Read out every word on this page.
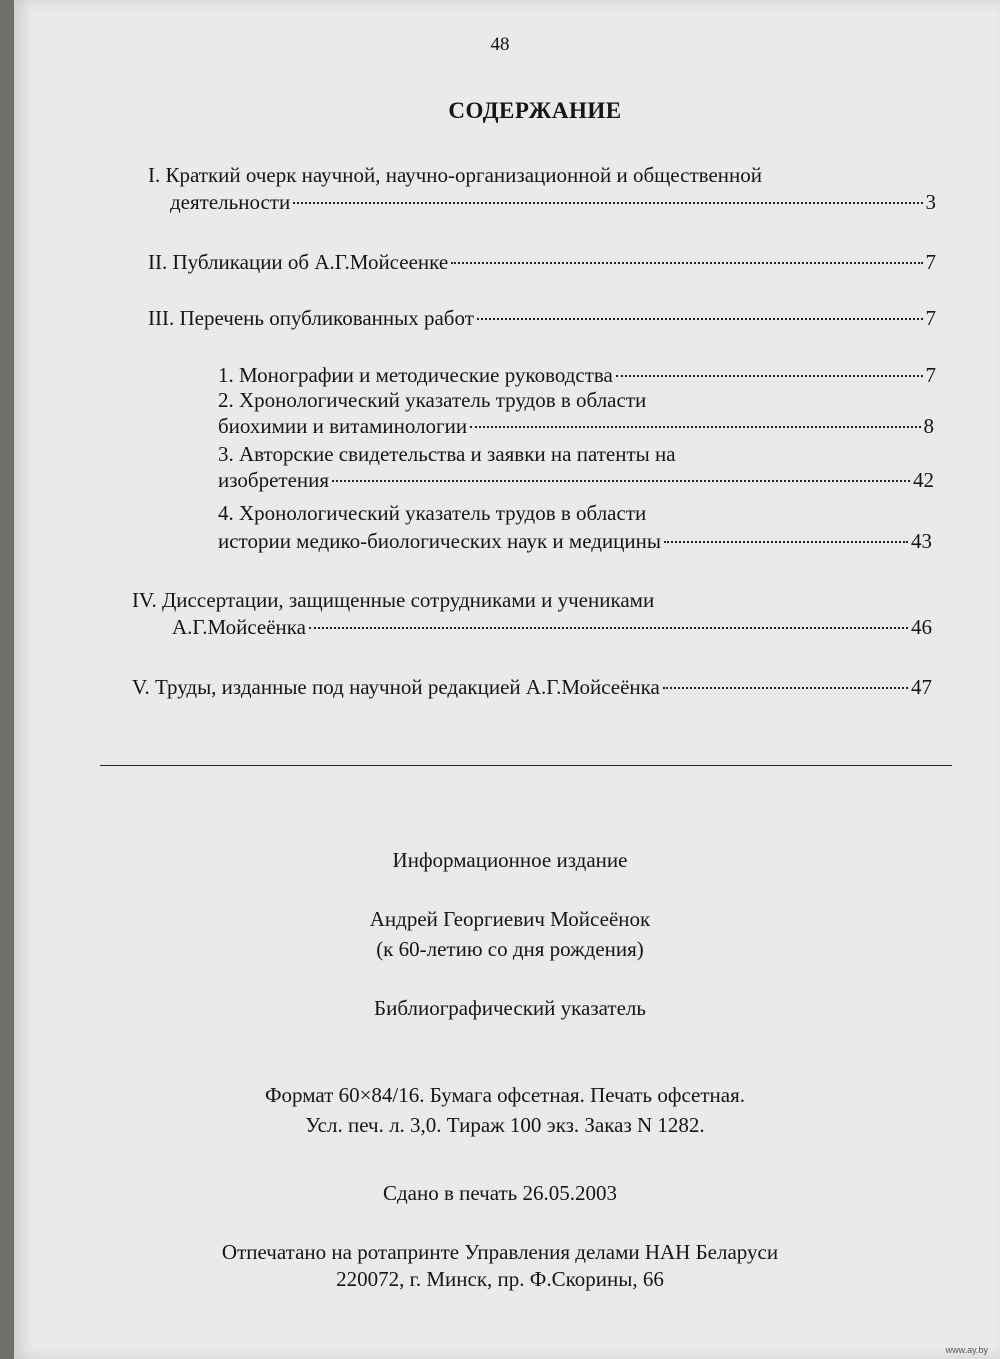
48
СОДЕРЖАНИЕ
I. Краткий очерк научной, научно-организационной и общественной
деятельности	3
II. Публикации об А.Г.Мойсеенке	7
III. Перечень опубликованных работ	7
1. Монографии и методические руководства	7
2. Хронологический указатель трудов в области
биохимии и витаминологии	8
3. Авторские свидетельства и заявки на патенты на
изобретения	42
4. Хронологический указатель трудов в области
истории медико-биологических наук и медицины	43
IV. Диссертации, защищенные сотрудниками и учениками
А.Г.Мойсеёнка	46
V. Труды, изданные под научной редакцией А.Г.Мойсеёнка	47
Информационное издание
Андрей Георгиевич Мойсеёнок
(к 60-летию со дня рождения)
Библиографический указатель
Формат 60×84/16. Бумага офсетная. Печать офсетная.
Усл. печ. л. 3,0. Тираж 100 экз. Заказ N 1282.
Сдано в печать 26.05.2003
Отпечатано на ротапринте Управления делами НАН Беларуси
220072, г. Минск, пр. Ф.Скорины, 66
www.ay.by
